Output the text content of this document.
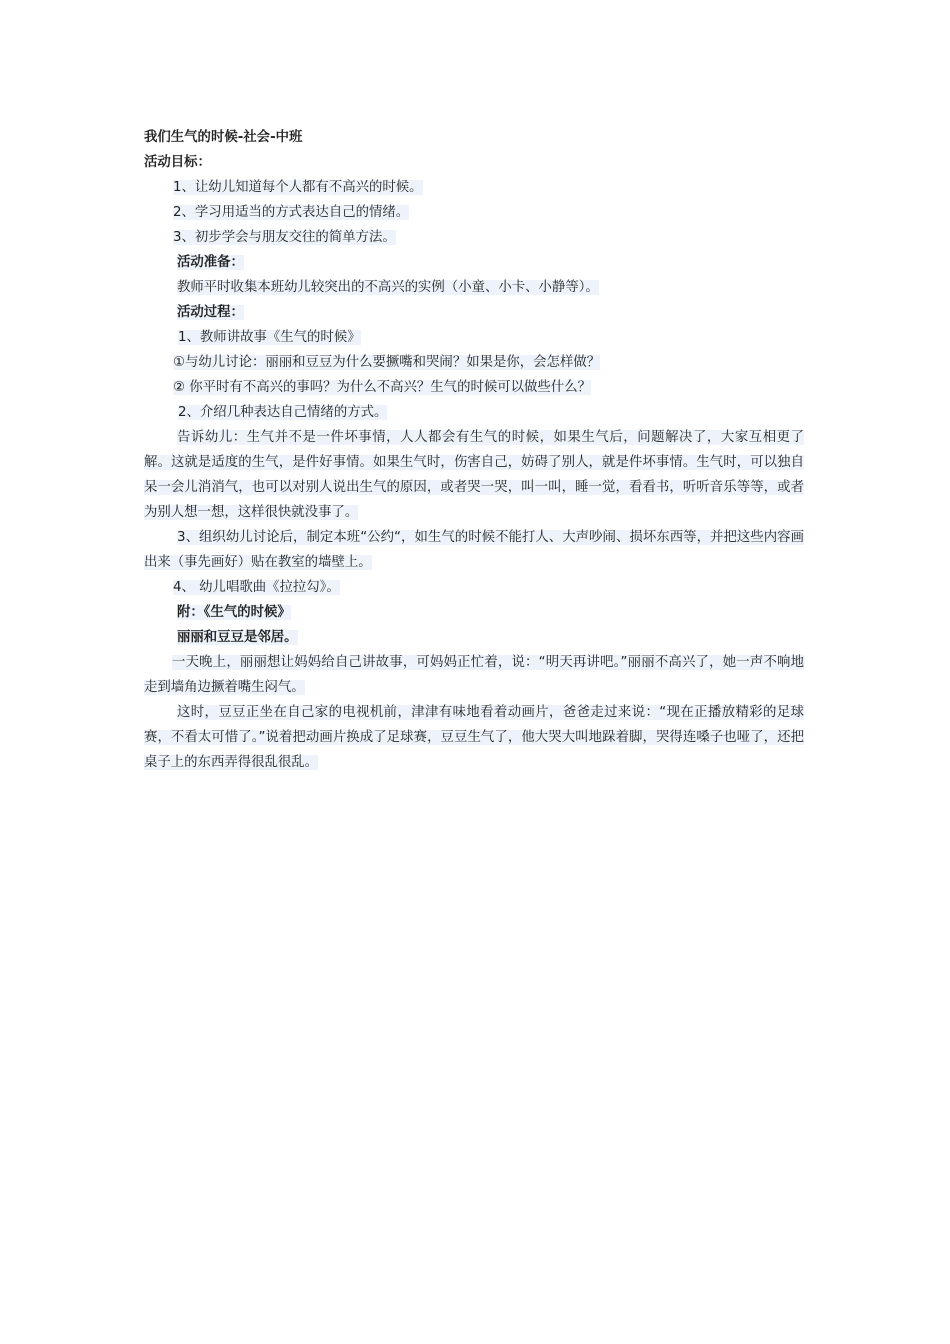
我们生气的时候-社会-中班

活动目标：

1、让幼儿知道每个人都有不高兴的时候。

2、学习用适当的方式表达自己的情绪。

3、初步学会与朋友交往的简单方法。

活动准备：

教师平时收集本班幼儿较突出的不高兴的实例（小童、小卡、小静等）。

活动过程：

1、教师讲故事《生气的时候》

①与幼儿讨论：丽丽和豆豆为什么要撅嘴和哭闹？如果是你，会怎样做？

② 你平时有不高兴的事吗？为什么不高兴？生气的时候可以做些什么？

2、介绍几种表达自己情绪的方式。

告诉幼儿：生气并不是一件坏事情，人人都会有生气的时候，如果生气后，问题解决了，大家互相更了解。这就是适度的生气，是件好事情。如果生气时，伤害自己，妨碍了别人，就是件坏事情。生气时，可以独自呆一会儿消消气，也可以对别人说出生气的原因，或者哭一哭，叫一叫，睡一觉，看看书，听听音乐等等，或者为别人想一想，这样很快就没事了。

3、组织幼儿讨论后，制定本班“公约“，如生气的时候不能打人、大声吵闹、损坏东西等，并把这些内容画出来（事先画好）贴在教室的墙壁上。

4、 幼儿唱歌曲《拉拉勾》。

附：《生气的时候》

丽丽和豆豆是邻居。

一天晚上，丽丽想让妈妈给自己讲故事，可妈妈正忙着，说：“明天再讲吧。”丽丽不高兴了，她一声不响地走到墙角边撅着嘴生闷气。

这时，豆豆正坐在自己家的电视机前，津津有味地看着动画片，爸爸走过来说：“现在正播放精彩的足球赛，不看太可惜了。”说着把动画片换成了足球赛，豆豆生气了，他大哭大叫地跺着脚，哭得连嗓子也哑了，还把桌子上的东西弄得很乱很乱。
